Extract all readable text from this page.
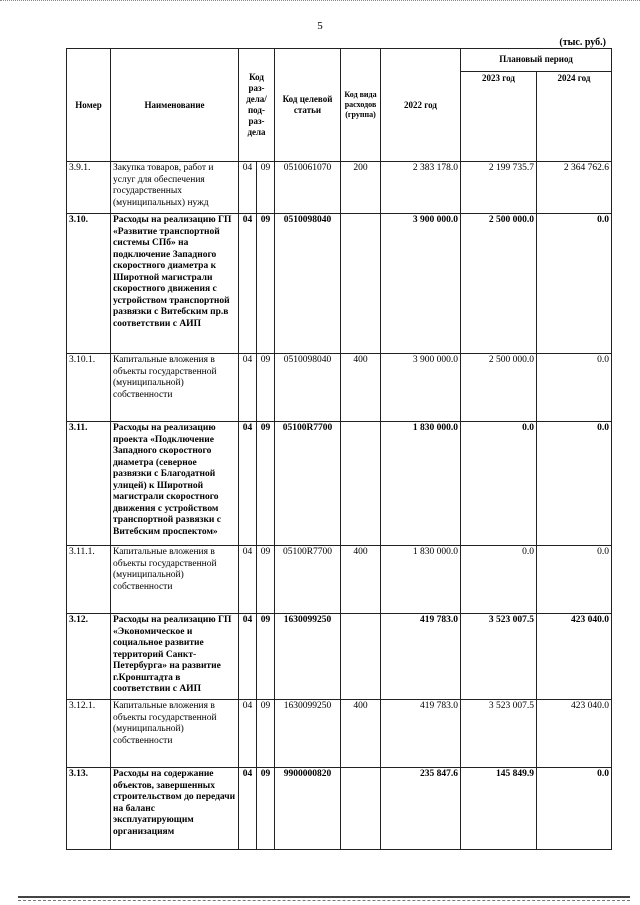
5
(тыс. руб.)
Номер	Наименование	Код раз-дела/ под-раз-дела		Код целевой статьи	Код вида расходов (группа)	2022 год	Плановый период	
							2023 год	2024 год
3.9.1.	Закупка товаров, работ и услуг для обеспечения государственных (муниципальных) нужд	04	09	0510061070	200	2 383 178.0	2 199 735.7	2 364 762.6
3.10.	Расходы на реализацию ГП «Развитие транспортной системы СПб» на подключение Западного скоростного диаметра к Широтной магистрали скоростного движения с устройством транспортной развязки с Витебским пр.в соответствии с АИП	04	09	0510098040		3 900 000.0	2 500 000.0	0.0
3.10.1.	Капитальные вложения в объекты государственной (муниципальной) собственности	04	09	0510098040	400	3 900 000.0	2 500 000.0	0.0
3.11.	Расходы на реализацию проекта «Подключение Западного скоростного диаметра (северное развязки с Благодатной улицей) к Широтной магистрали скоростного движения с устройством транспортной развязки с Витебским проспектом»	04	09	05100R7700		1 830 000.0	0.0	0.0
3.11.1.	Капитальные вложения в объекты государственной (муниципальной) собственности	04	09	05100R7700	400	1 830 000.0	0.0	0.0
3.12.	Расходы на реализацию ГП «Экономическое и социальное развитие территорий Санкт-Петербурга» на развитие г.Кронштадта в соответствии с АИП	04	09	1630099250		419 783.0	3 523 007.5	423 040.0
3.12.1.	Капитальные вложения в объекты государственной (муниципальной) собственности	04	09	1630099250	400	419 783.0	3 523 007.5	423 040.0
3.13.	Расходы на содержание объектов, завершенных строительством до передачи на баланс эксплуатирующим организациям	04	09	9900000820		235 847.6	145 849.9	0.0
